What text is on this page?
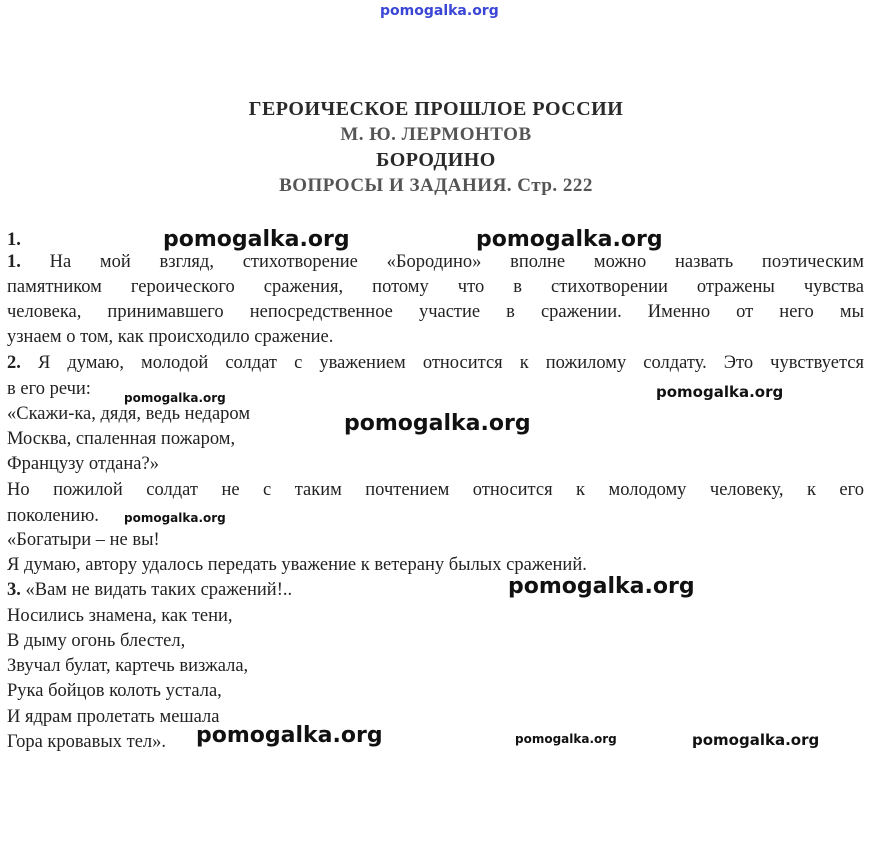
pomogalka.org
ГЕРОИЧЕСКОЕ ПРОШЛОЕ РОССИИ
М. Ю. ЛЕРМОНТОВ
БОРОДИНО
ВОПРОСЫ И ЗАДАНИЯ. Стр. 222
1.
1. На мой взгляд, стихотворение «Бородино» вполне можно назвать поэтическим
памятником героического сражения, потому что в стихотворении отражены чувства
человека, принимавшего непосредственное участие в сражении. Именно от него мы
узнаем о том, как происходило сражение.
2. Я думаю, молодой солдат с уважением относится к пожилому солдату. Это чувствуется
в его речи:
«Скажи-ка, дядя, ведь недаром
Москва, спаленная пожаром,
Французу отдана?»
Но пожилой солдат не с таким почтением относится к молодому человеку, к его
поколению.
«Богатыри – не вы!
Я думаю, автору удалось передать уважение к ветерану былых сражений.
3. «Вам не видать таких сражений!..
Носились знамена, как тени,
В дыму огонь блестел,
Звучал булат, картечь визжала,
Рука бойцов колоть устала,
И ядрам пролетать мешала
Гора кровавых тел».
pomogalka.org	pomogalka.org
pomogalka.org	pomogalka.org
pomogalka.org
pomogalka.org
pomogalka.org
pomogalka.org	pomogalka.org	pomogalka.org
